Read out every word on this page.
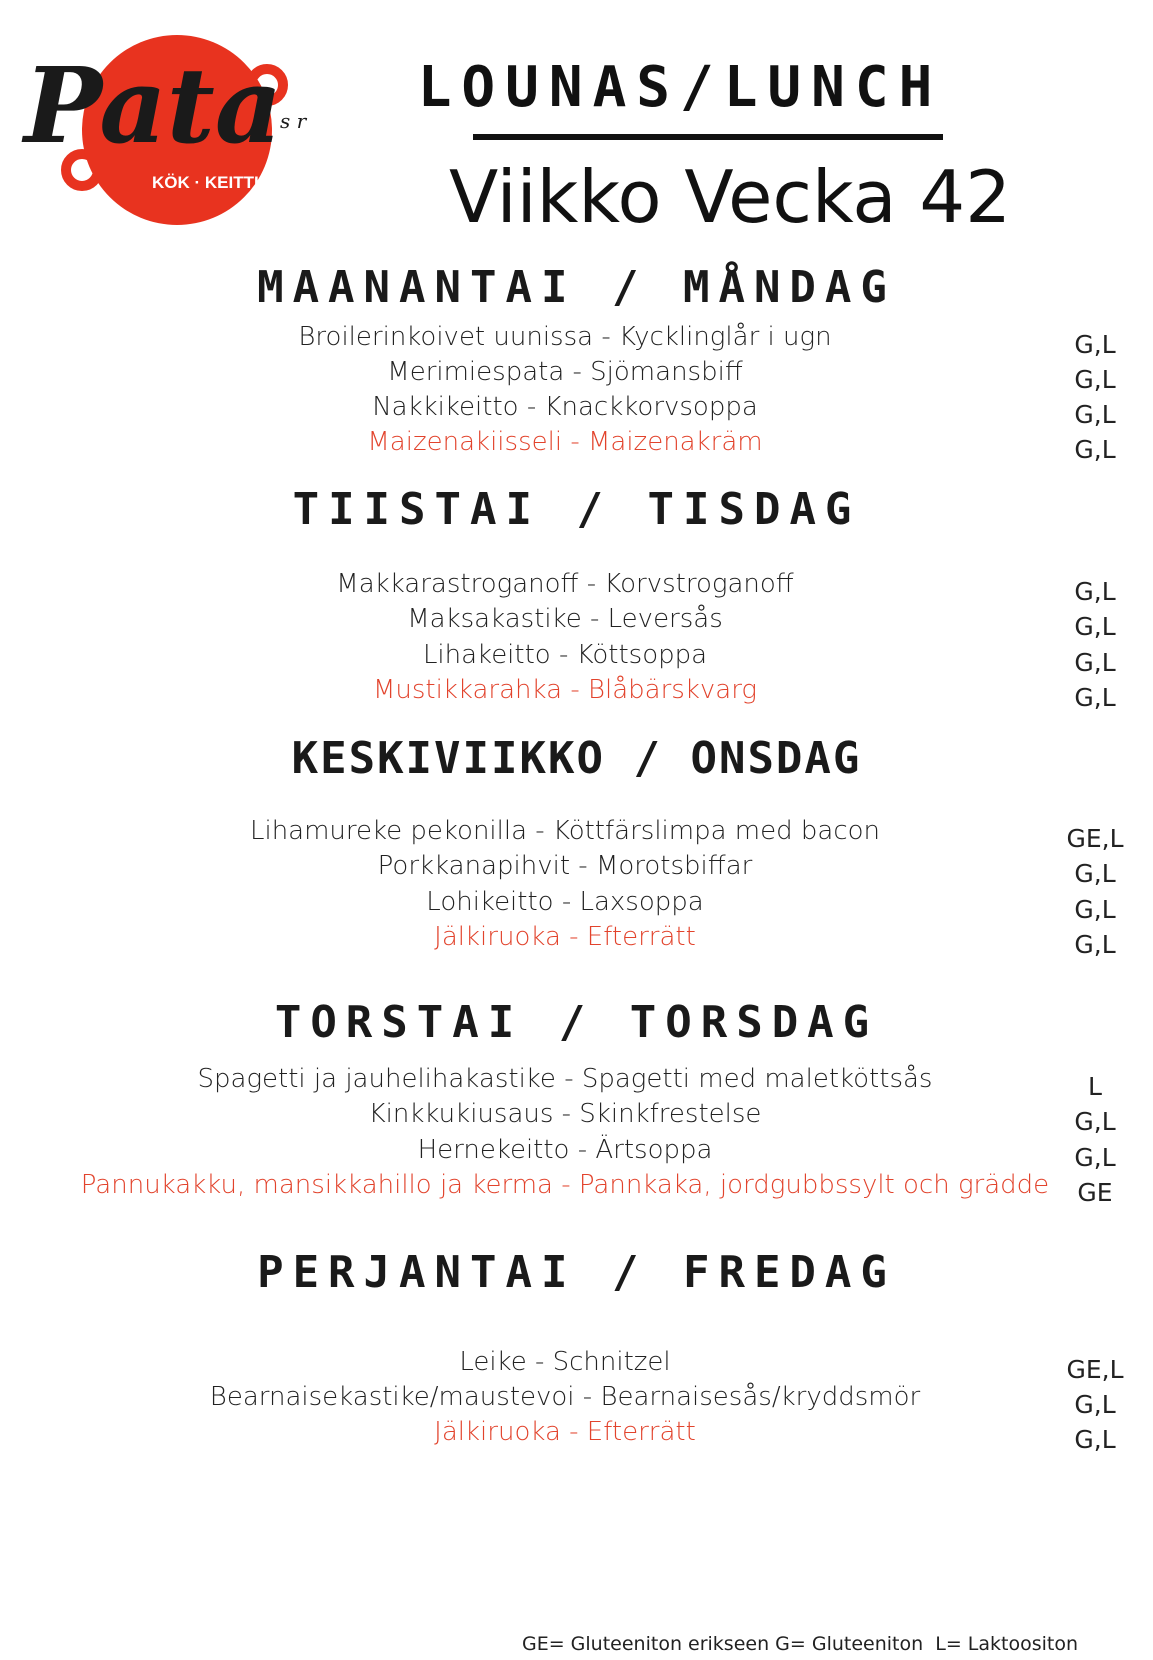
Pata
KÖK · KEITTIÖ
s r
LOUNAS/LUNCH
Viikko Vecka 42
MAANANTAI / MÅNDAG
Broilerinkoivet uunissa - Kycklinglår i ugn
Merimiespata - Sjömansbiff
Nakkikeitto - Knackkorvsoppa
Maizenakiisseli - Maizenakräm
G,L
G,L
G,L
G,L
TIISTAI / TISDAG
Makkarastroganoff - Korvstroganoff
Maksakastike - Leversås
Lihakeitto - Köttsoppa
Mustikkarahka - Blåbärskvarg
G,L
G,L
G,L
G,L
KESKIVIIKKO / ONSDAG
Lihamureke pekonilla - Köttfärslimpa med bacon
Porkkanapihvit - Morotsbiffar
Lohikeitto - Laxsoppa
Jälkiruoka - Efterrätt
GE,L
G,L
G,L
G,L
TORSTAI / TORSDAG
Spagetti ja jauhelihakastike - Spagetti med maletköttsås
Kinkkukiusaus - Skinkfrestelse
Hernekeitto - Ärtsoppa
Pannukakku, mansikkahillo ja kerma - Pannkaka, jordgubbssylt och grädde
L
G,L
G,L
GE
PERJANTAI / FREDAG
Leike - Schnitzel
Bearnaisekastike/maustevoi - Bearnaisesås/kryddsmör
Jälkiruoka - Efterrätt
GE,L
G,L
G,L
GE= Gluteeniton erikseen G= Gluteeniton  L= Laktoositon
